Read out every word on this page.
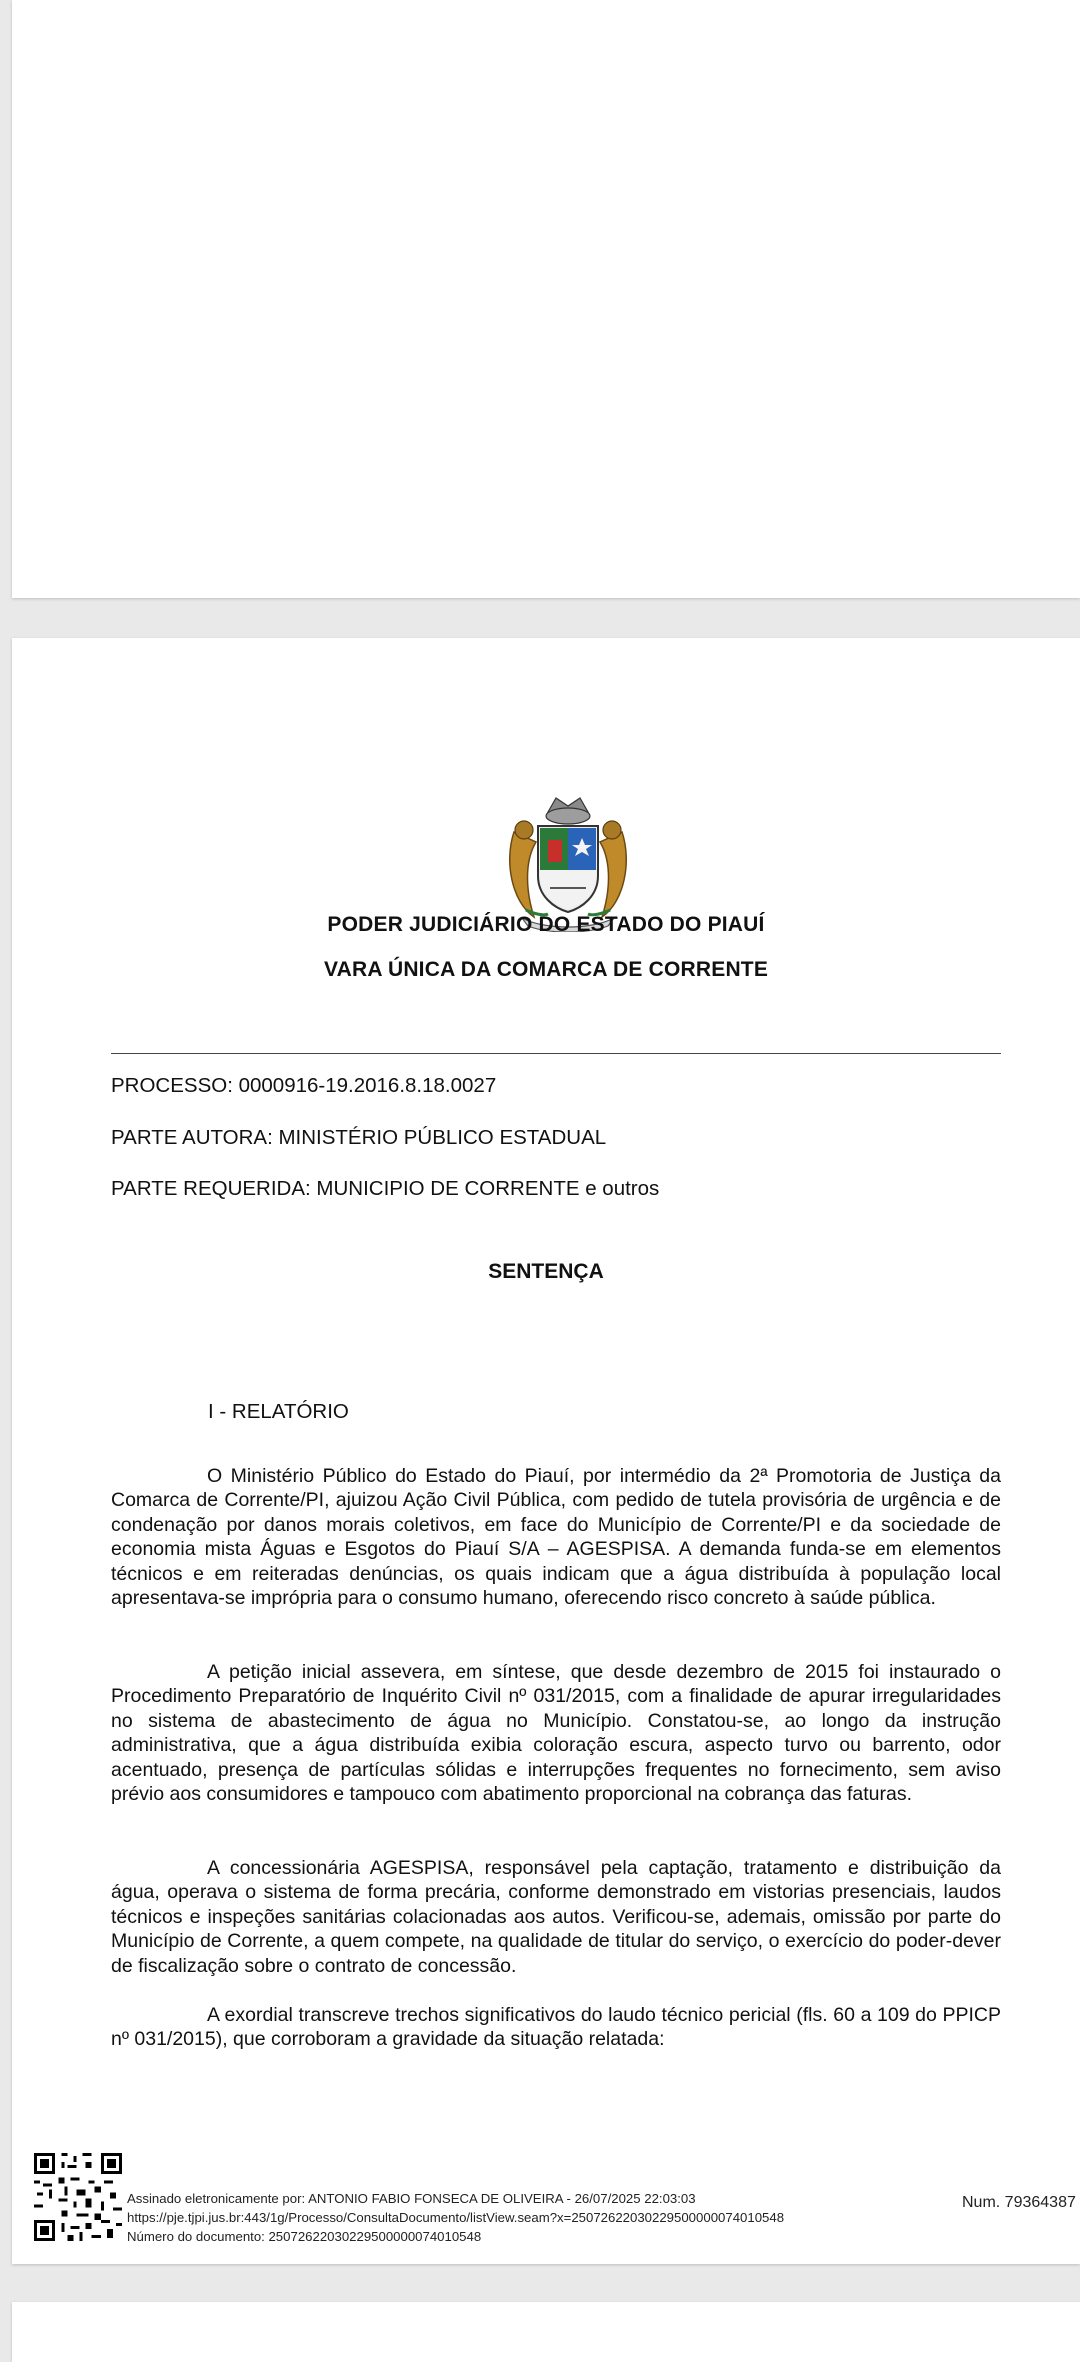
PODER JUDICIÁRIO DO ESTADO DO PIAUÍ
VARA ÚNICA DA COMARCA DE CORRENTE
PROCESSO: 0000916-19.2016.8.18.0027
PARTE AUTORA: MINISTÉRIO PÚBLICO ESTADUAL
PARTE REQUERIDA: MUNICIPIO DE CORRENTE e outros
SENTENÇA
I - RELATÓRIO

O Ministério Público do Estado do Piauí, por intermédio da 2ª Promotoria de Justiça da Comarca de Corrente/PI, ajuizou Ação Civil Pública, com pedido de tutela provisória de urgência e de condenação por danos morais coletivos, em face do Município de Corrente/PI e da sociedade de economia mista Águas e Esgotos do Piauí S/A – AGESPISA. A demanda funda-se em elementos técnicos e em reiteradas denúncias, os quais indicam que a água distribuída à população local apresentava-se imprópria para o consumo humano, oferecendo risco concreto à saúde pública.

A petição inicial assevera, em síntese, que desde dezembro de 2015 foi instaurado o Procedimento Preparatório de Inquérito Civil nº 031/2015, com a finalidade de apurar irregularidades no sistema de abastecimento de água no Município. Constatou-se, ao longo da instrução administrativa, que a água distribuída exibia coloração escura, aspecto turvo ou barrento, odor acentuado, presença de partículas sólidas e interrupções frequentes no fornecimento, sem aviso prévio aos consumidores e tampouco com abatimento proporcional na cobrança das faturas.

A concessionária AGESPISA, responsável pela captação, tratamento e distribuição da água, operava o sistema de forma precária, conforme demonstrado em vistorias presenciais, laudos técnicos e inspeções sanitárias colacionadas aos autos. Verificou-se, ademais, omissão por parte do Município de Corrente, a quem compete, na qualidade de titular do serviço, o exercício do poder-dever de fiscalização sobre o contrato de concessão.

A exordial transcreve trechos significativos do laudo técnico pericial (fls. 60 a 109 do PPICP nº 031/2015), que corroboram a gravidade da situação relatada:

Assinado eletronicamente por: ANTONIO FABIO FONSECA DE OLIVEIRA - 26/07/2025 22:03:03
https://pje.tjpi.jus.br:443/1g/Processo/ConsultaDocumento/listView.seam?x=25072622030229500000074010548
Número do documento: 25072622030229500000074010548
Num. 79364387
